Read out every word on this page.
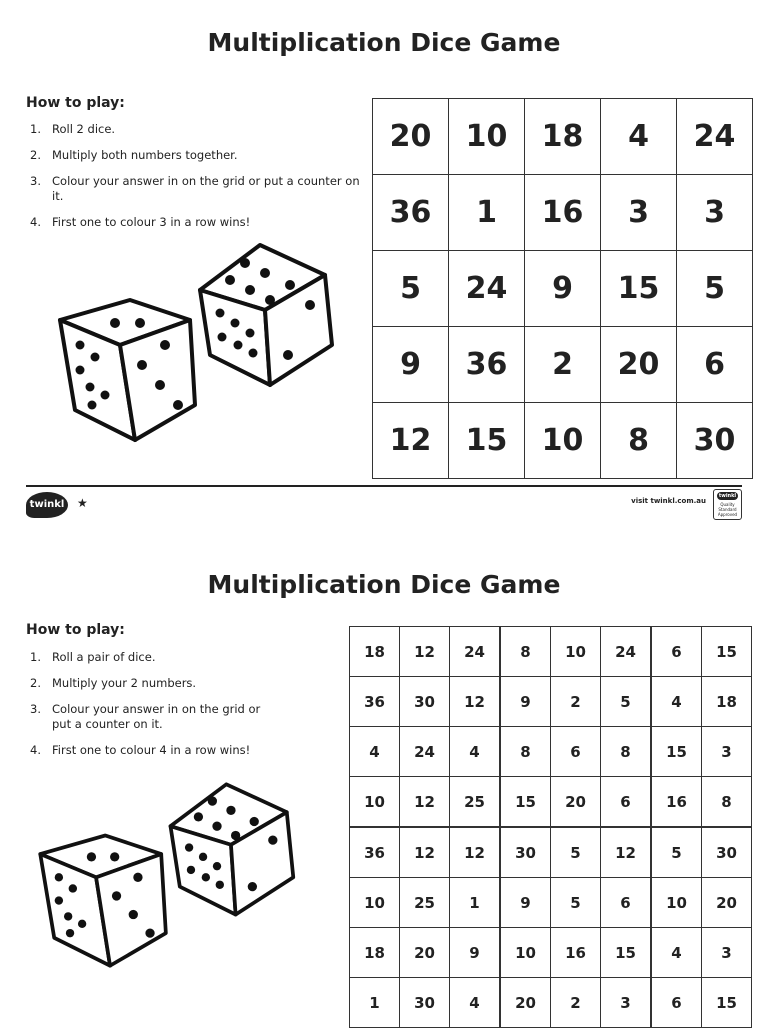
Multiplication Dice Game
How to play:
1. Roll 2 dice.
2. Multiply both numbers together.
3. Colour your answer in on the grid or put a counter on it.
4. First one to colour 3 in a row wins!
20	10	18	4	24
36	1	16	3	3
5	24	9	15	5
9	36	2	20	6
12	15	10	8	30
twinkl	★	visit twinkl.com.au
twinkl
Quality Standard Approved
Multiplication Dice Game
How to play:
1. Roll a pair of dice.
2. Multiply your 2 numbers.
3. Colour your answer in on the grid or put a counter on it.
4. First one to colour 4 in a row wins!
18	12	24	8	10	24	6	15
36	30	12	9	2	5	4	18
4	24	4	8	6	8	15	3
10	12	25	15	20	6	16	8
36	12	12	30	5	12	5	30
10	25	1	9	5	6	10	20
18	20	9	10	16	15	4	3
1	30	4	20	2	3	6	15
